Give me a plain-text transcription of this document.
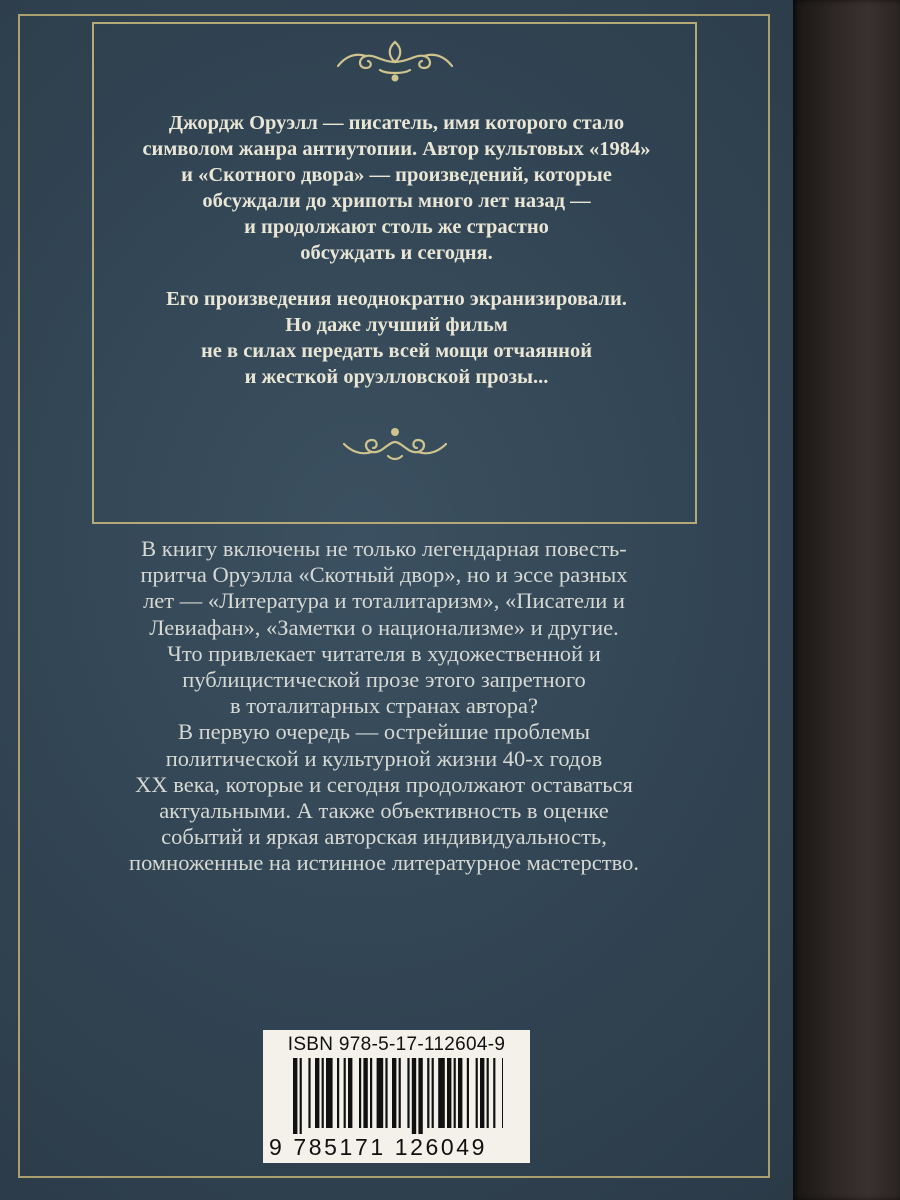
Джордж Оруэлл — писатель, имя которого стало
символом жанра антиутопии. Автор культовых «1984»
и «Скотного двора» — произведений, которые
обсуждали до хрипоты много лет назад —
и продолжают столь же страстно
обсуждать и сегодня.
Его произведения неоднократно экранизировали.
Но даже лучший фильм
не в силах передать всей мощи отчаянной
и жесткой оруэлловской прозы...
В книгу включены не только легендарная повесть-
притча Оруэлла «Скотный двор», но и эссе разных
лет — «Литература и тоталитаризм», «Писатели и
Левиафан», «Заметки о национализме» и другие.
Что привлекает читателя в художественной и
публицистической прозе этого запретного
в тоталитарных странах автора?
В первую очередь — острейшие проблемы
политической и культурной жизни 40-х годов
XX века, которые и сегодня продолжают оставаться
актуальными. А также объективность в оценке
событий и яркая авторская индивидуальность,
помноженные на истинное литературное мастерство.
ISBN 978-5-17-112604-9
9 785171 126049
